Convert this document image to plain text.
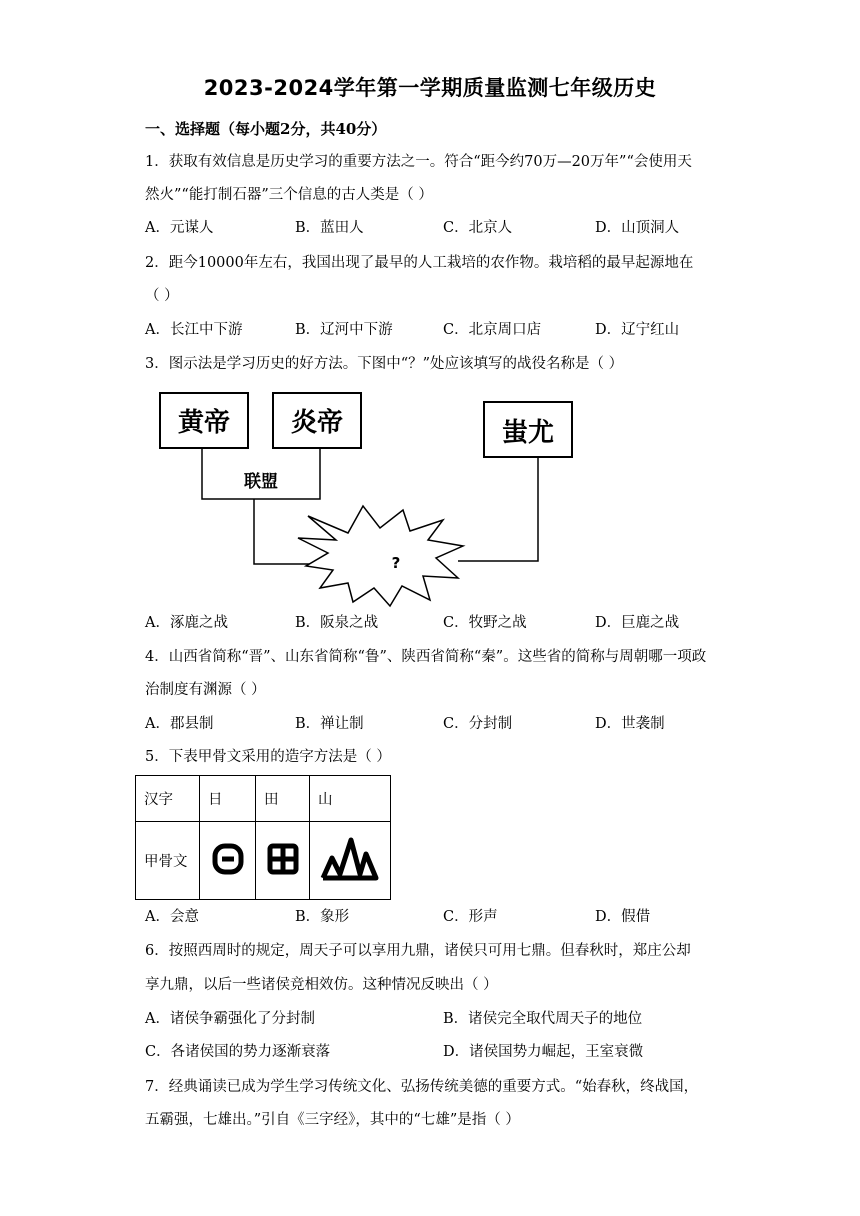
2023-2024学年第一学期质量监测七年级历史
一、选择题（每小题2分，共40分）
1．获取有效信息是历史学习的重要方法之一。符合“距今约70万—20万年”“会使用天
然火”“能打制石器”三个信息的古人类是（ ）
A．元谋人	B．蓝田人	C．北京人	D．山顶洞人
2．距今10000年左右，我国出现了最早的人工栽培的农作物。栽培稻的最早起源地在
（ ）
A．长江中下游	B．辽河中下游	C．北京周口店	D．辽宁红山
3．图示法是学习历史的好方法。下图中“？”处应该填写的战役名称是（ ）
黄帝 炎帝	蚩尤
联盟
?
A．涿鹿之战	B．阪泉之战	C．牧野之战	D．巨鹿之战
4．山西省简称“晋”、山东省简称“鲁”、陕西省简称“秦”。这些省的简称与周朝哪一项政
治制度有渊源（ ）
A．郡县制	B．禅让制	C．分封制	D．世袭制
5．下表甲骨文采用的造字方法是（ ）
汉字	日	田	山
甲骨文			
A．会意	B．象形	C．形声	D．假借
6．按照西周时的规定，周天子可以享用九鼎，诸侯只可用七鼎。但春秋时，郑庄公却
享九鼎，以后一些诸侯竞相效仿。这种情况反映出（ ）
A．诸侯争霸强化了分封制	B．诸侯完全取代周天子的地位
C．各诸侯国的势力逐渐衰落	D．诸侯国势力崛起，王室衰微
7．经典诵读已成为学生学习传统文化、弘扬传统美德的重要方式。“始春秋，终战国，
五霸强，七雄出。”引自《三字经》，其中的“七雄”是指（ ）
